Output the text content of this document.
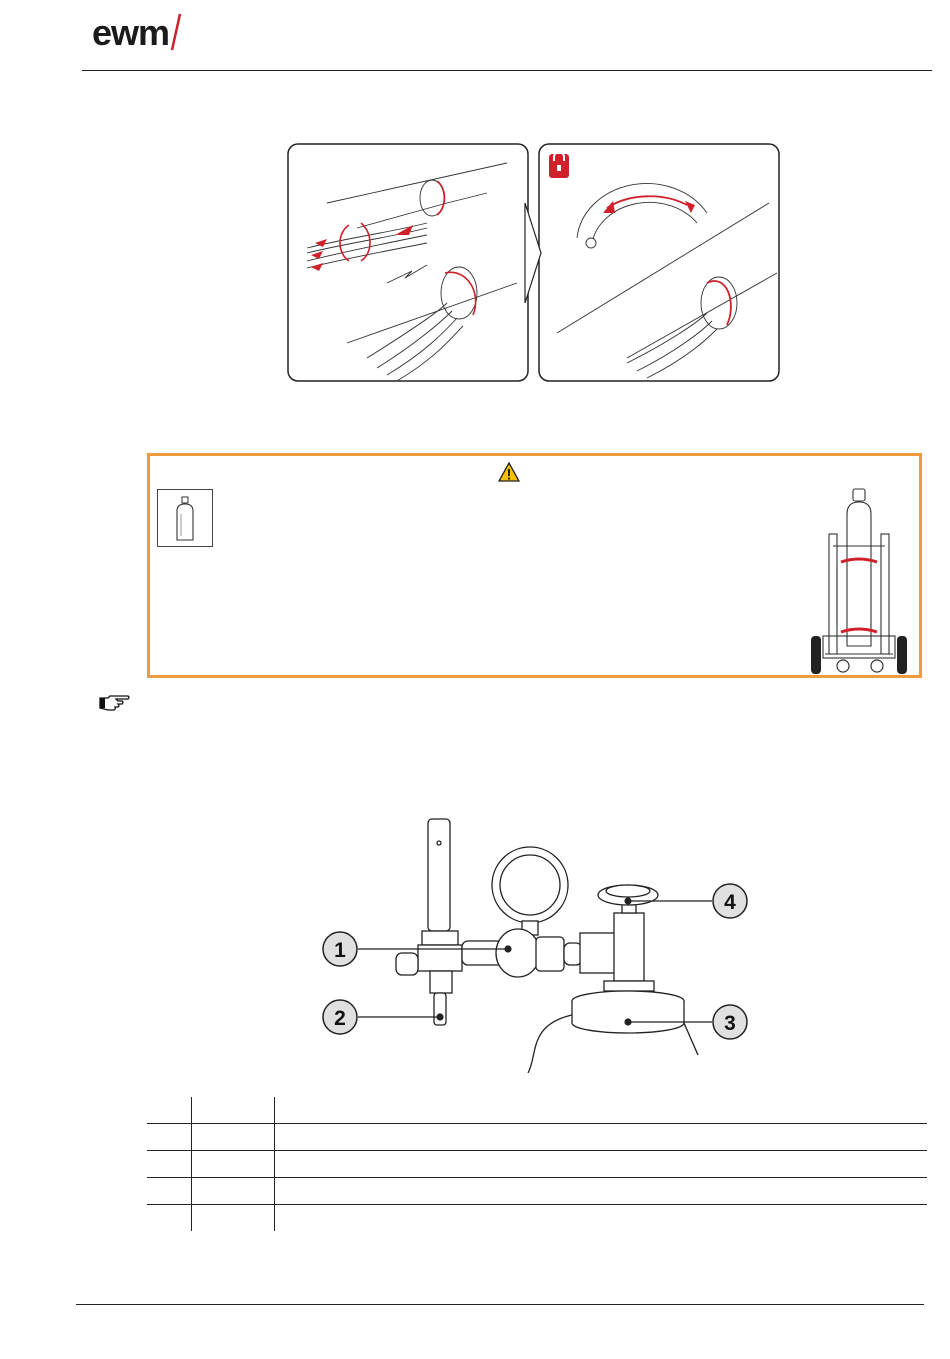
ewm
1
2	3
4
